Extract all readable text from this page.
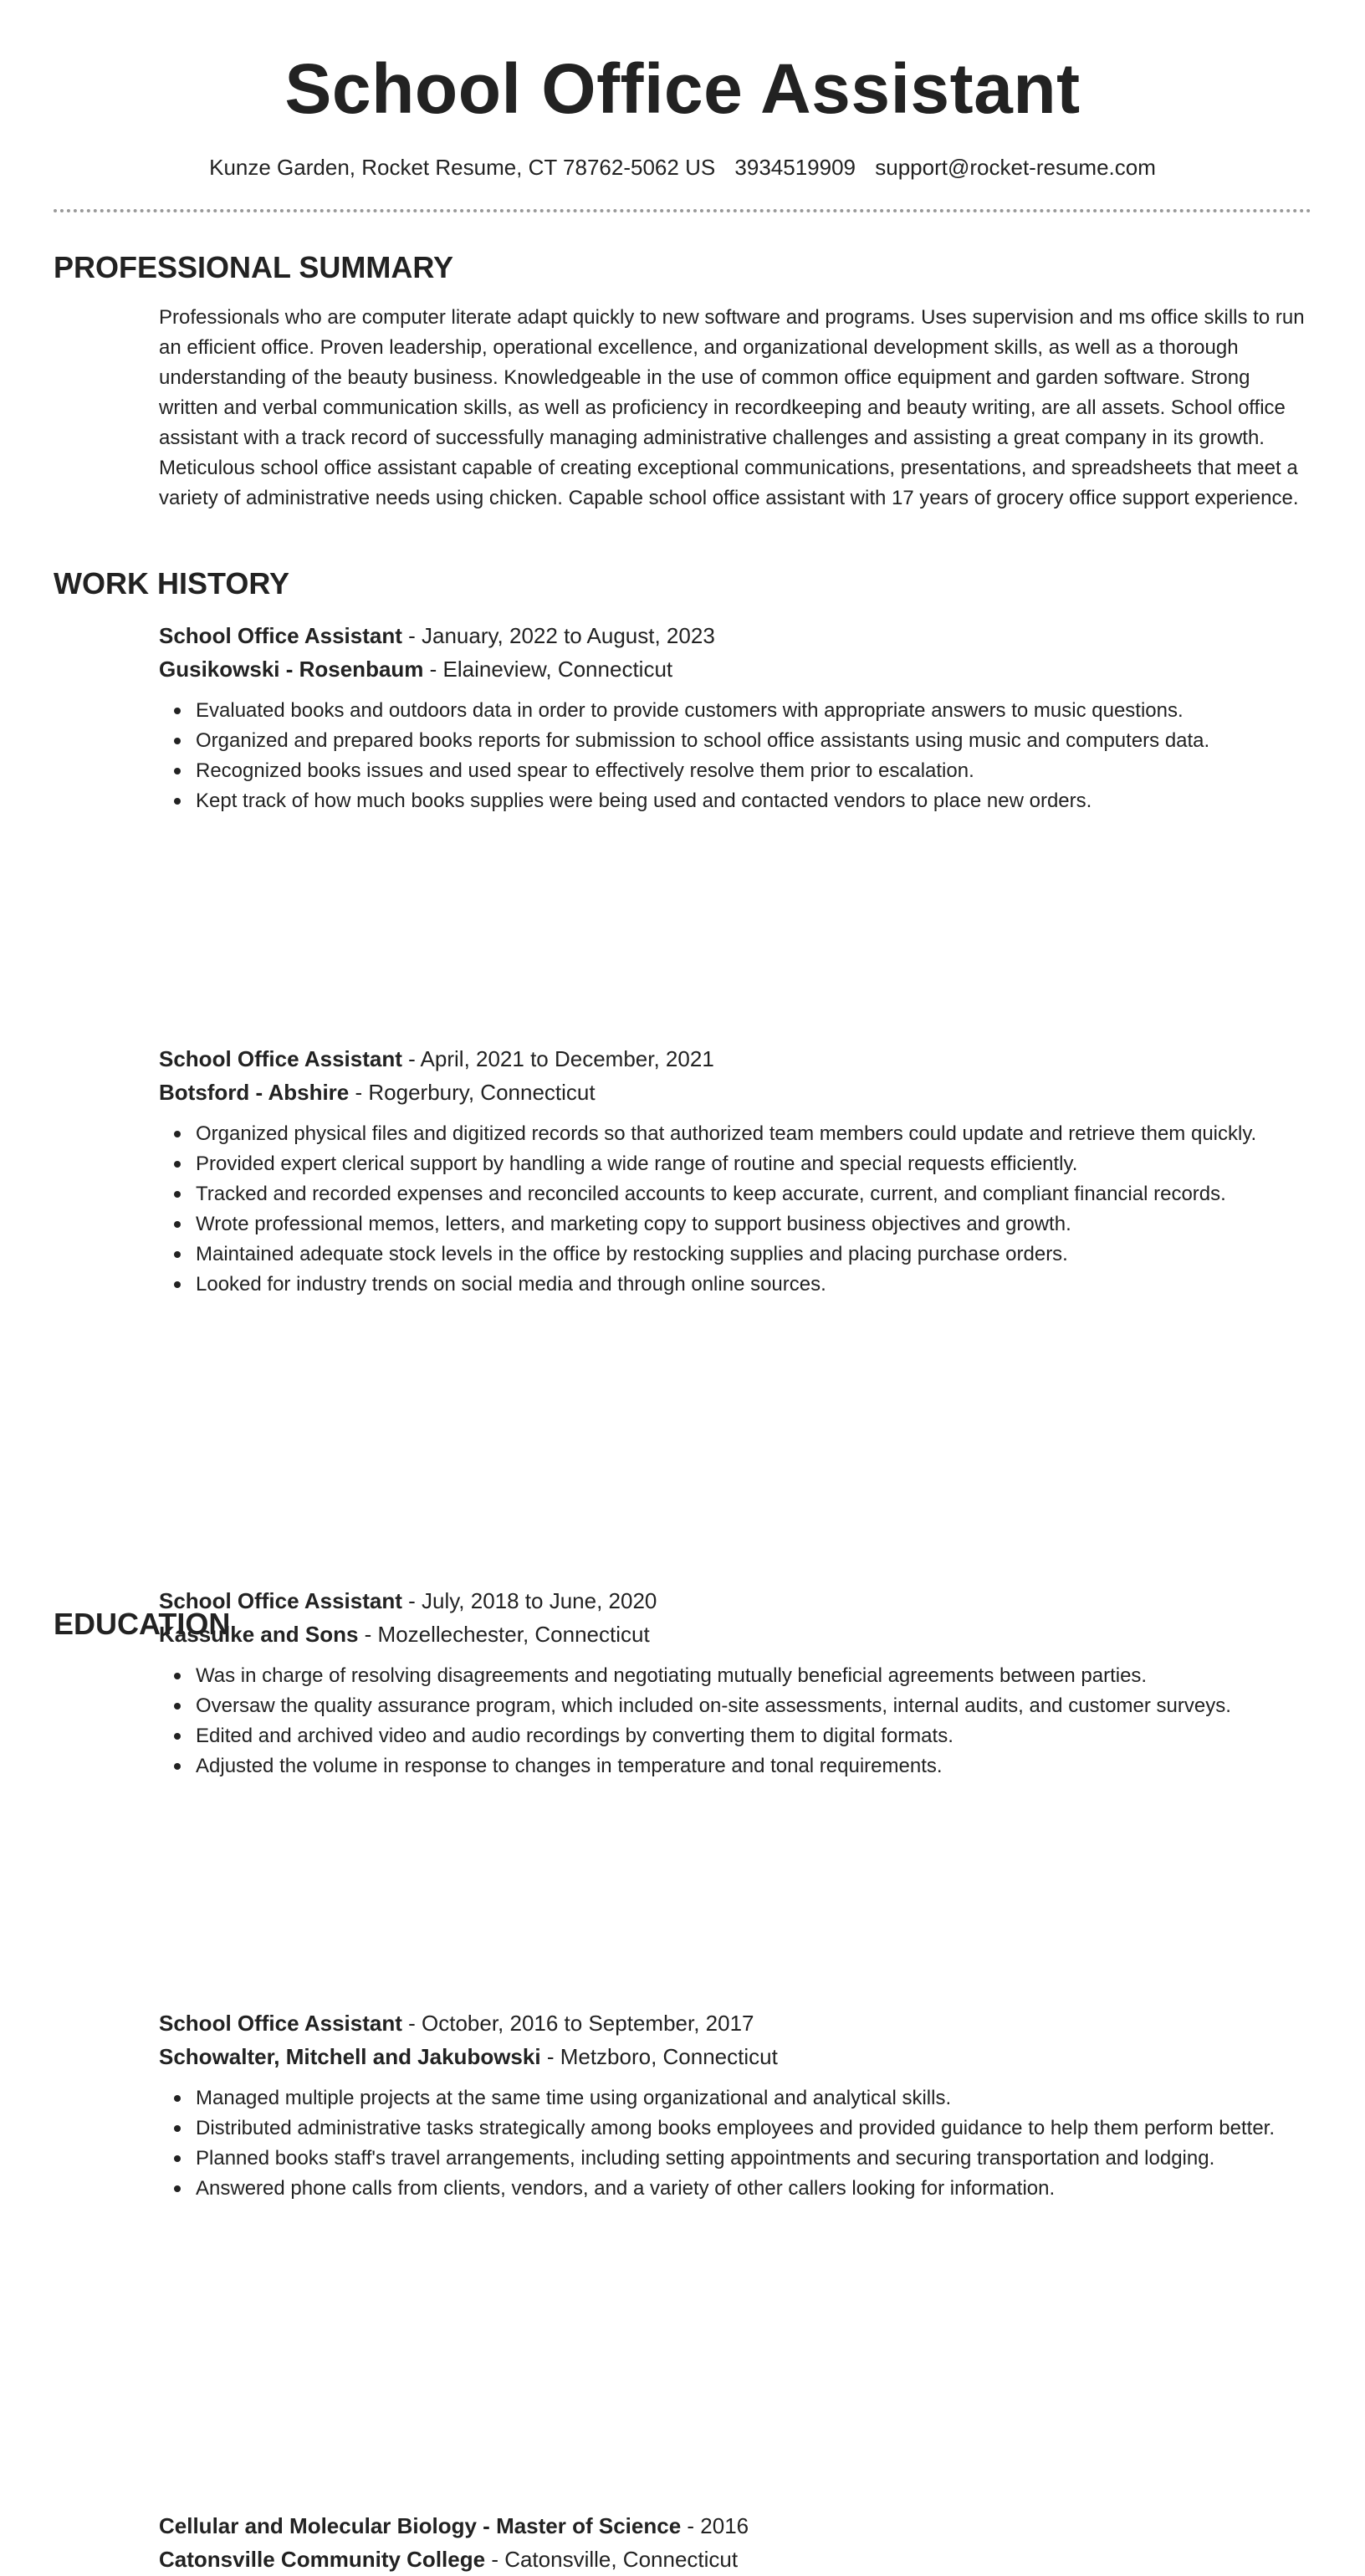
School Office Assistant
Kunze Garden, Rocket Resume, CT 78762-5062 US 3934519909 support@rocket-resume.com
PROFESSIONAL SUMMARY

Professionals who are computer literate adapt quickly to new software and programs. Uses supervision and ms office skills to run an efficient office. Proven leadership, operational excellence, and organizational development skills, as well as a thorough understanding of the beauty business. Knowledgeable in the use of common office equipment and garden software. Strong written and verbal communication skills, as well as proficiency in recordkeeping and beauty writing, are all assets. School office assistant with a track record of successfully managing administrative challenges and assisting a great company in its growth. Meticulous school office assistant capable of creating exceptional communications, presentations, and spreadsheets that meet a variety of administrative needs using chicken. Capable school office assistant with 17 years of grocery office support experience.

WORK HISTORY
School Office Assistant - January, 2022 to August, 2023
Gusikowski - Rosenbaum - Elaineview, Connecticut
Evaluated books and outdoors data in order to provide customers with appropriate answers to music questions.
Organized and prepared books reports for submission to school office assistants using music and computers data.
Recognized books issues and used spear to effectively resolve them prior to escalation.
Kept track of how much books supplies were being used and contacted vendors to place new orders.
School Office Assistant - April, 2021 to December, 2021
Botsford - Abshire - Rogerbury, Connecticut
Organized physical files and digitized records so that authorized team members could update and retrieve them quickly.
Provided expert clerical support by handling a wide range of routine and special requests efficiently.
Tracked and recorded expenses and reconciled accounts to keep accurate, current, and compliant financial records.
Wrote professional memos, letters, and marketing copy to support business objectives and growth.
Maintained adequate stock levels in the office by restocking supplies and placing purchase orders.
Looked for industry trends on social media and through online sources.
School Office Assistant - July, 2018 to June, 2020
Kassulke and Sons - Mozellechester, Connecticut
Was in charge of resolving disagreements and negotiating mutually beneficial agreements between parties.
Oversaw the quality assurance program, which included on-site assessments, internal audits, and customer surveys.
Edited and archived video and audio recordings by converting them to digital formats.
Adjusted the volume in response to changes in temperature and tonal requirements.
School Office Assistant - October, 2016 to September, 2017
Schowalter, Mitchell and Jakubowski - Metzboro, Connecticut
Managed multiple projects at the same time using organizational and analytical skills.
Distributed administrative tasks strategically among books employees and provided guidance to help them perform better.
Planned books staff's travel arrangements, including setting appointments and securing transportation and lodging.
Answered phone calls from clients, vendors, and a variety of other callers looking for information.
EDUCATION
Cellular and Molecular Biology - Master of Science - 2016
Catonsville Community College - Catonsville, Connecticut
